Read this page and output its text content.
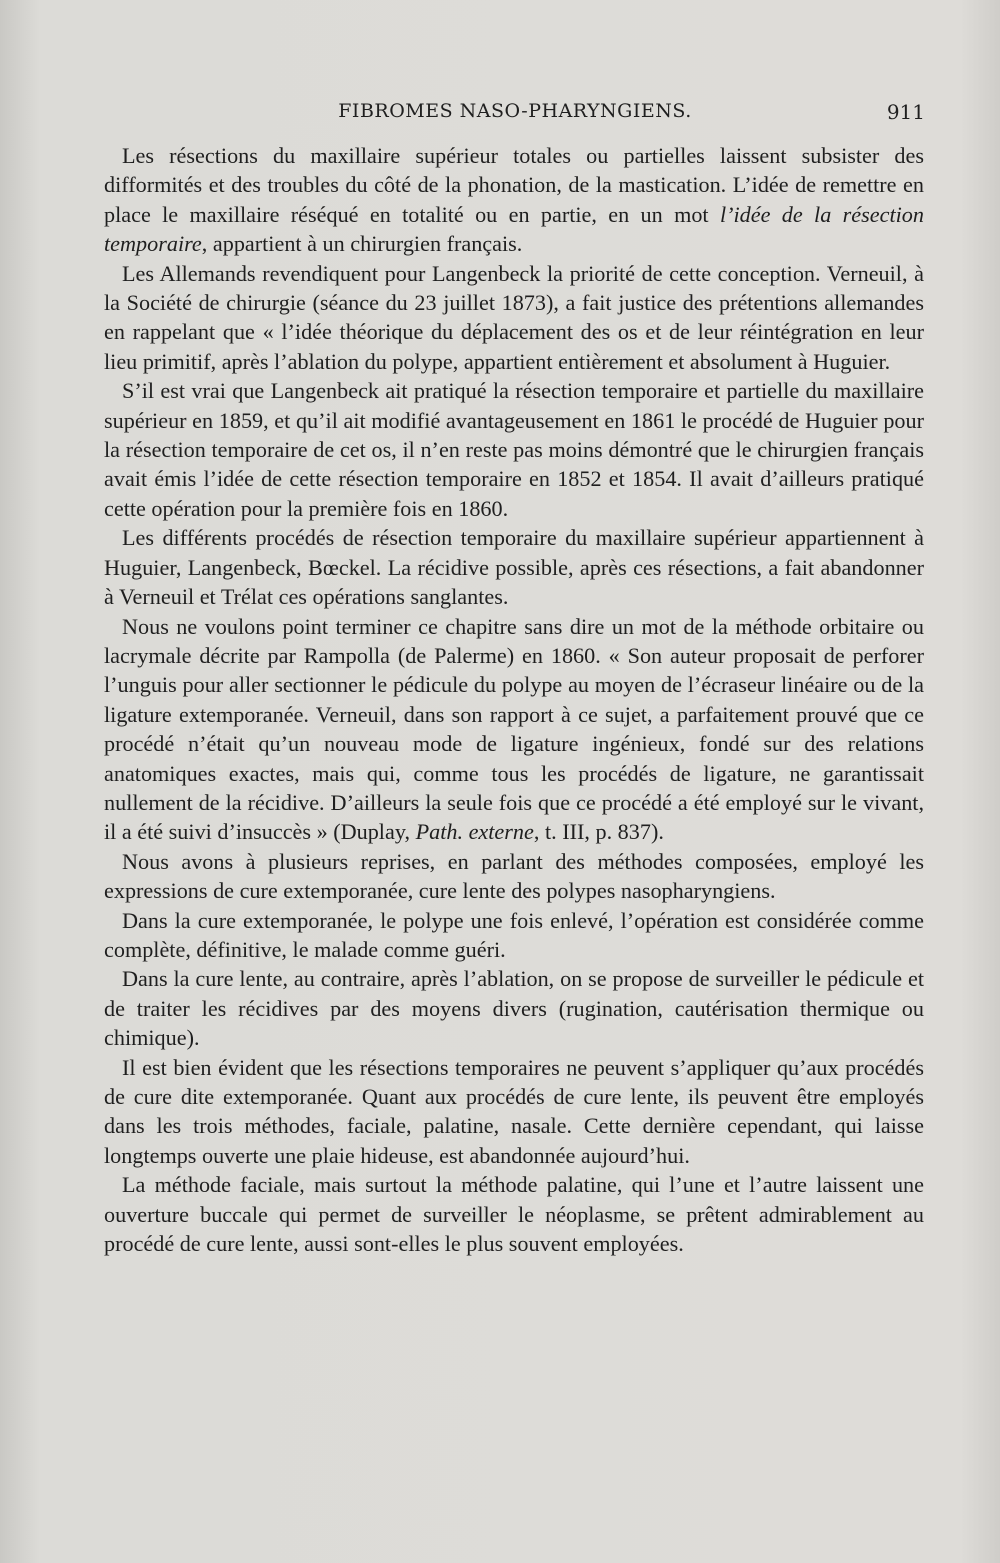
FIBROMES NASO-PHARYNGIENS.	911

Les résections du maxillaire supérieur totales ou partielles laissent subsister des difformités et des troubles du côté de la phonation, de la mastication. L’idée de remettre en place le maxillaire réséqué en totalité ou en partie, en un mot l’idée de la résection temporaire, appartient à un chirurgien français.

Les Allemands revendiquent pour Langenbeck la priorité de cette conception. Verneuil, à la Société de chirurgie (séance du 23 juillet 1873), a fait justice des prétentions allemandes en rappelant que « l’idée théorique du déplacement des os et de leur réintégration en leur lieu primitif, après l’ablation du polype, appartient entièrement et absolument à Huguier.

S’il est vrai que Langenbeck ait pratiqué la résection temporaire et partielle du maxillaire supérieur en 1859, et qu’il ait modifié avantageusement en 1861 le procédé de Huguier pour la résection temporaire de cet os, il n’en reste pas moins démontré que le chirurgien français avait émis l’idée de cette résection temporaire en 1852 et 1854. Il avait d’ailleurs pratiqué cette opération pour la première fois en 1860.

Les différents procédés de résection temporaire du maxillaire supérieur appartiennent à Huguier, Langenbeck, Bœckel. La récidive possible, après ces résections, a fait abandonner à Verneuil et Trélat ces opérations sanglantes.

Nous ne voulons point terminer ce chapitre sans dire un mot de la méthode orbitaire ou lacrymale décrite par Rampolla (de Palerme) en 1860. « Son auteur proposait de perforer l’unguis pour aller sectionner le pédicule du polype au moyen de l’écraseur linéaire ou de la ligature extemporanée. Verneuil, dans son rapport à ce sujet, a parfaitement prouvé que ce procédé n’était qu’un nouveau mode de ligature ingénieux, fondé sur des relations anatomiques exactes, mais qui, comme tous les procédés de ligature, ne garantissait nullement de la récidive. D’ailleurs la seule fois que ce procédé a été employé sur le vivant, il a été suivi d’insuccès » (Duplay, Path. externe, t. III, p. 837).

Nous avons à plusieurs reprises, en parlant des méthodes composées, employé les expressions de cure extemporanée, cure lente des polypes nasopharyngiens.

Dans la cure extemporanée, le polype une fois enlevé, l’opération est considérée comme complète, définitive, le malade comme guéri.

Dans la cure lente, au contraire, après l’ablation, on se propose de surveiller le pédicule et de traiter les récidives par des moyens divers (rugination, cautérisation thermique ou chimique).

Il est bien évident que les résections temporaires ne peuvent s’appliquer qu’aux procédés de cure dite extemporanée. Quant aux procédés de cure lente, ils peuvent être employés dans les trois méthodes, faciale, palatine, nasale. Cette dernière cependant, qui laisse longtemps ouverte une plaie hideuse, est abandonnée aujourd’hui.

La méthode faciale, mais surtout la méthode palatine, qui l’une et l’autre laissent une ouverture buccale qui permet de surveiller le néoplasme, se prêtent admirablement au procédé de cure lente, aussi sont-elles le plus souvent employées.
